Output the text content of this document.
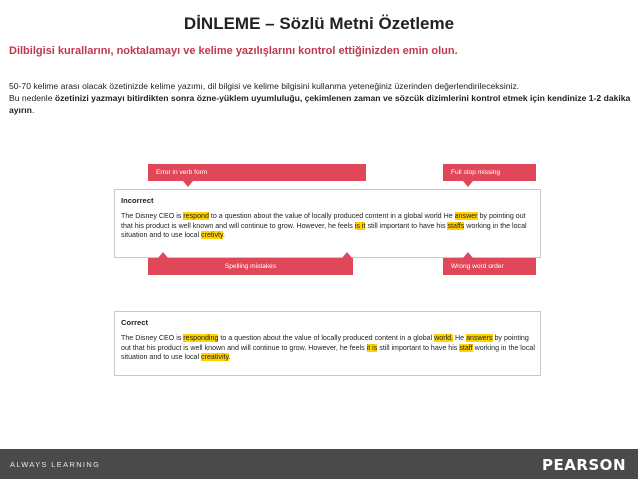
DİNLEME – Sözlü Metni Özetleme
Dilbilgisi kurallarını, noktalamayı ve kelime yazılışlarını kontrol ettiğinizden emin olun.
50-70 kelime arası olacak özetinizde kelime yazımı, dil bilgisi ve kelime bilgisini kullanma yeteneğiniz üzerinden değerlendirileceksiniz.
Bu nedenle özetinizi yazmayı bitirdikten sonra özne-yüklem uyumluluğu, çekimlenen zaman ve sözcük dizimlerini kontrol etmek için kendinize 1-2 dakika ayırın.
Error in verb form	Full stop missing
Incorrect
The Disney CEO is respond to a question about the value of locally produced content in a global world He answer by pointing out that his product is well known and will continue to grow. However, he feels is it still important to have his staffs working in the local situation and to use local cretivty.
Spelling mistakes	Wrong word order
Correct
The Disney CEO is responding to a question about the value of locally produced content in a global world. He answers by pointing out that his product is well known and will continue to grow. However, he feels it is still important to have his staff working in the local situation and to use local creativity.
ALWAYS LEARNING	PEARSON
